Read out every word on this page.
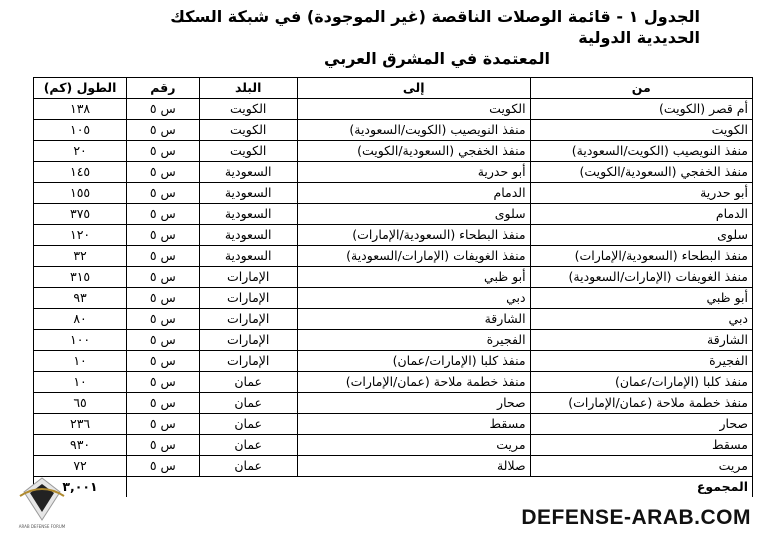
الجدول ١ - قائمة الوصلات الناقصة (غير الموجودة) في شبكة السكك الحديدية الدولية
المعتمدة في المشرق العربي
من	إلى	البلد	رقم	الطول (كم)
أم قصر (الكويت)	الكويت	الكويت	س ٥	١٣٨
الكويت	منفذ النويصيب (الكويت/السعودية)	الكويت	س ٥	١٠٥
منفذ النويصيب (الكويت/السعودية)	منفذ الخفجي (السعودية/الكويت)	الكويت	س ٥	٢٠
منفذ الخفجي (السعودية/الكويت)	أبو حدرية	السعودية	س ٥	١٤٥
أبو حدرية	الدمام	السعودية	س ٥	١٥٥
الدمام	سلوى	السعودية	س ٥	٣٧٥
سلوى	منفذ البطحاء (السعودية/الإمارات)	السعودية	س ٥	١٢٠
منفذ البطحاء (السعودية/الإمارات)	منفذ الغويفات (الإمارات/السعودية)	السعودية	س ٥	٣٢
منفذ الغويفات (الإمارات/السعودية)	أبو ظبي	الإمارات	س ٥	٣١٥
أبو ظبي	دبي	الإمارات	س ٥	٩٣
دبي	الشارقة	الإمارات	س ٥	٨٠
الشارقة	الفجيرة	الإمارات	س ٥	١٠٠
الفجيرة	منفذ كلبا (الإمارات/عمان)	الإمارات	س ٥	١٠
منفذ كلبا (الإمارات/عمان)	منفذ خطمة ملاحة (عمان/الإمارات)	عمان	س ٥	١٠
منفذ خطمة ملاحة (عمان/الإمارات)	صحار	عمان	س ٥	٦٥
صحار	مسقط	عمان	س ٥	٢٣٦
مسقط	مريت	عمان	س ٥	٩٣٠
مريت	صلالة	عمان	س ٥	٧٢
المجموع				٣,٠٠١
ARAB DEFENSE FORUM	DEFENSE-ARAB.COM
